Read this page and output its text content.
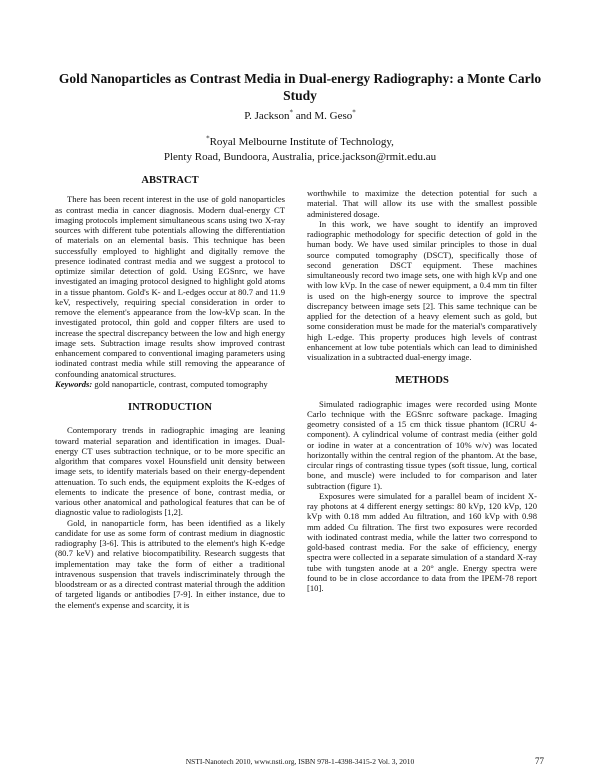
Gold Nanoparticles as Contrast Media in Dual-energy Radiography: a Monte Carlo Study
P. Jackson* and M. Geso*
*Royal Melbourne Institute of Technology,
Plenty Road, Bundoora, Australia, price.jackson@rmit.edu.au
ABSTRACT

There has been recent interest in the use of gold nanoparticles as contrast media in cancer diagnosis. Modern dual-energy CT imaging protocols implement simultaneous scans using two X-ray sources with different tube potentials allowing the differentiation of materials on an elemental basis. This technique has been successfully employed to highlight and digitally remove the presence iodinated contrast media and we suggest a protocol to optimize similar detection of gold. Using EGSnrc, we have investigated an imaging protocol designed to highlight gold atoms in a tissue phantom. Gold's K- and L-edges occur at 80.7 and 11.9 keV, respectively, requiring special consideration in order to remove the element's appearance from the low-kVp scan. In the investigated protocol, thin gold and copper filters are used to increase the spectral discrepancy between the low and high energy image sets. Subtraction image results show improved contrast enhancement compared to conventional imaging parameters using iodinated contrast media while still removing the appearance of confounding anatomical structures.

Keywords: gold nanoparticle, contrast, computed tomography

INTRODUCTION

Contemporary trends in radiographic imaging are leaning toward material separation and identification in images. Dual-energy CT uses subtraction technique, or to be more specific an algorithm that compares voxel Hounsfield unit density between image sets, to identify materials based on their energy-dependent attenuation. To such ends, the equipment exploits the K-edges of elements to indicate the presence of bone, contrast media, or various other anatomical and pathological features that can be of diagnostic value to radiologists [1,2].

Gold, in nanoparticle form, has been identified as a likely candidate for use as some form of contrast medium in diagnostic radiography [3-6]. This is attributed to the element's high K-edge (80.7 keV) and relative biocompatibility. Research suggests that implementation may take the form of either a traditional intravenous suspension that travels indiscriminately through the bloodstream or as a directed contrast material through the addition of targeted ligands or antibodies [7-9]. In either instance, due to the element's expense and scarcity, it is

worthwhile to maximize the detection potential for such a material. That will allow its use with the smallest possible administered dosage.

In this work, we have sought to identify an improved radiographic methodology for specific detection of gold in the human body. We have used similar principles to those in dual source computed tomography (DSCT), specifically those of second generation DSCT equipment. These machines simultaneously record two image sets, one with high kVp and one with low kVp. In the case of newer equipment, a 0.4 mm tin filter is used on the high-energy source to improve the spectral discrepancy between image sets [2]. This same technique can be applied for the detection of a heavy element such as gold, but some consideration must be made for the material's comparatively high L-edge. This property produces high levels of contrast enhancement at low tube potentials which can lead to diminished visualization in a subtracted dual-energy image.

METHODS

Simulated radiographic images were recorded using Monte Carlo technique with the EGSnrc software package. Imaging geometry consisted of a 15 cm thick tissue phantom (ICRU 4-component). A cylindrical volume of contrast media (either gold or iodine in water at a concentration of 10% w/v) was located horizontally within the central region of the phantom. At the base, circular rings of contrasting tissue types (soft tissue, lung, cortical bone, and muscle) were included to for comparison and later subtraction (figure 1).

Exposures were simulated for a parallel beam of incident X-ray photons at 4 different energy settings: 80 kVp, 120 kVp, 120 kVp with 0.18 mm added Au filtration, and 160 kVp with 0.98 mm added Cu filtration. The first two exposures were recorded with iodinated contrast media, while the latter two correspond to gold-based contrast media. For the sake of efficiency, energy spectra were collected in a separate simulation of a standard X-ray tube with tungsten anode at a 20° angle. Energy spectra were found to be in close accordance to data from the IPEM-78 report [10].

NSTI-Nanotech 2010, www.nsti.org, ISBN 978-1-4398-3415-2 Vol. 3, 2010	77
